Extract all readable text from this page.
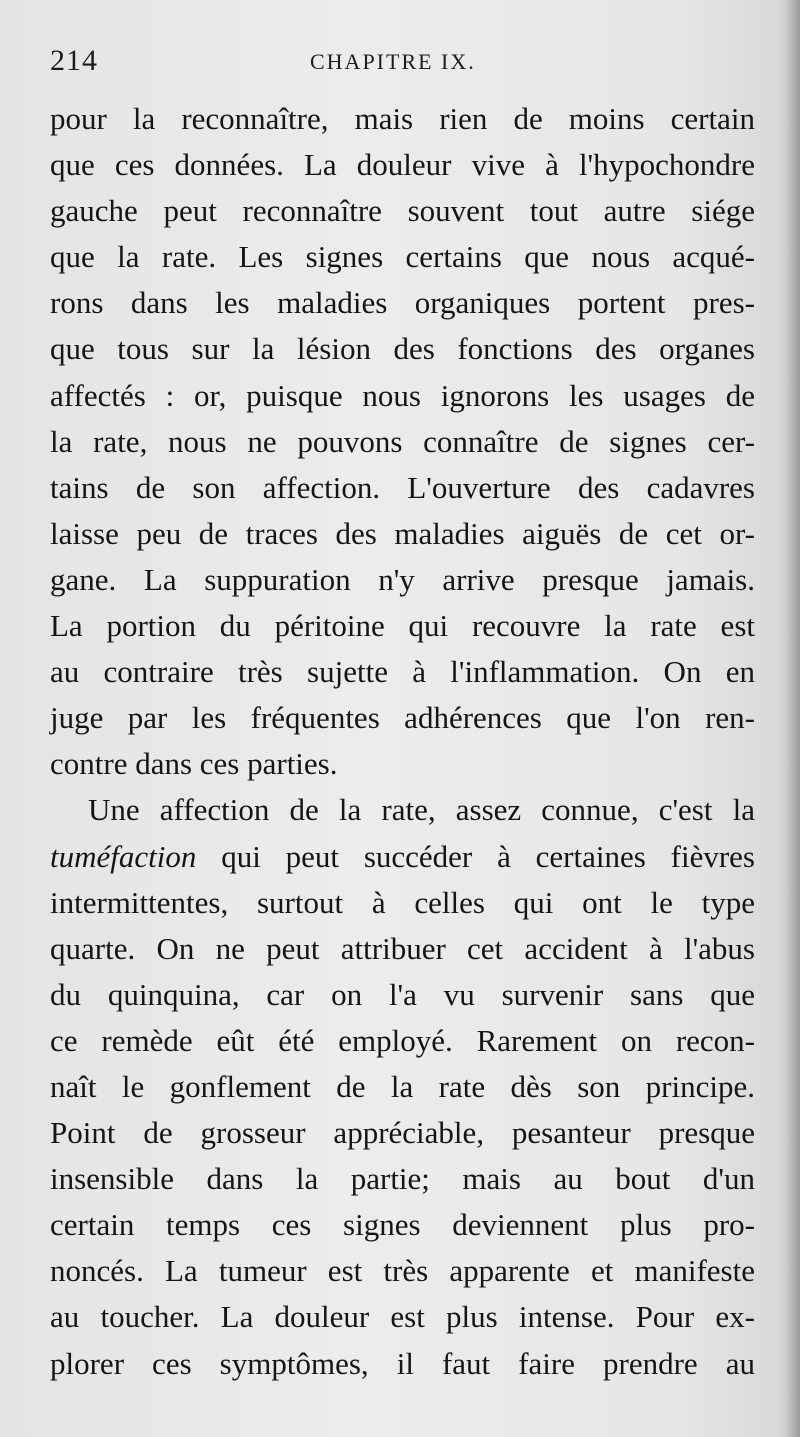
214	CHAPITRE IX.
pour la reconnaître, mais rien de moins certain
que ces données. La douleur vive à l'hypochondre
gauche peut reconnaître souvent tout autre siége
que la rate. Les signes certains que nous acqué-
rons dans les maladies organiques portent pres-
que tous sur la lésion des fonctions des organes
affectés : or, puisque nous ignorons les usages de
la rate, nous ne pouvons connaître de signes cer-
tains de son affection. L'ouverture des cadavres
laisse peu de traces des maladies aiguës de cet or-
gane. La suppuration n'y arrive presque jamais.
La portion du péritoine qui recouvre la rate est
au contraire très sujette à l'inflammation. On en
juge par les fréquentes adhérences que l'on ren-
contre dans ces parties.
Une affection de la rate, assez connue, c'est la
tuméfaction qui peut succéder à certaines fièvres
intermittentes, surtout à celles qui ont le type
quarte. On ne peut attribuer cet accident à l'abus
du quinquina, car on l'a vu survenir sans que
ce remède eût été employé. Rarement on recon-
naît le gonflement de la rate dès son principe.
Point de grosseur appréciable, pesanteur presque
insensible dans la partie; mais au bout d'un
certain temps ces signes deviennent plus pro-
noncés. La tumeur est très apparente et manifeste
au toucher. La douleur est plus intense. Pour ex-
plorer ces symptômes, il faut faire prendre au
